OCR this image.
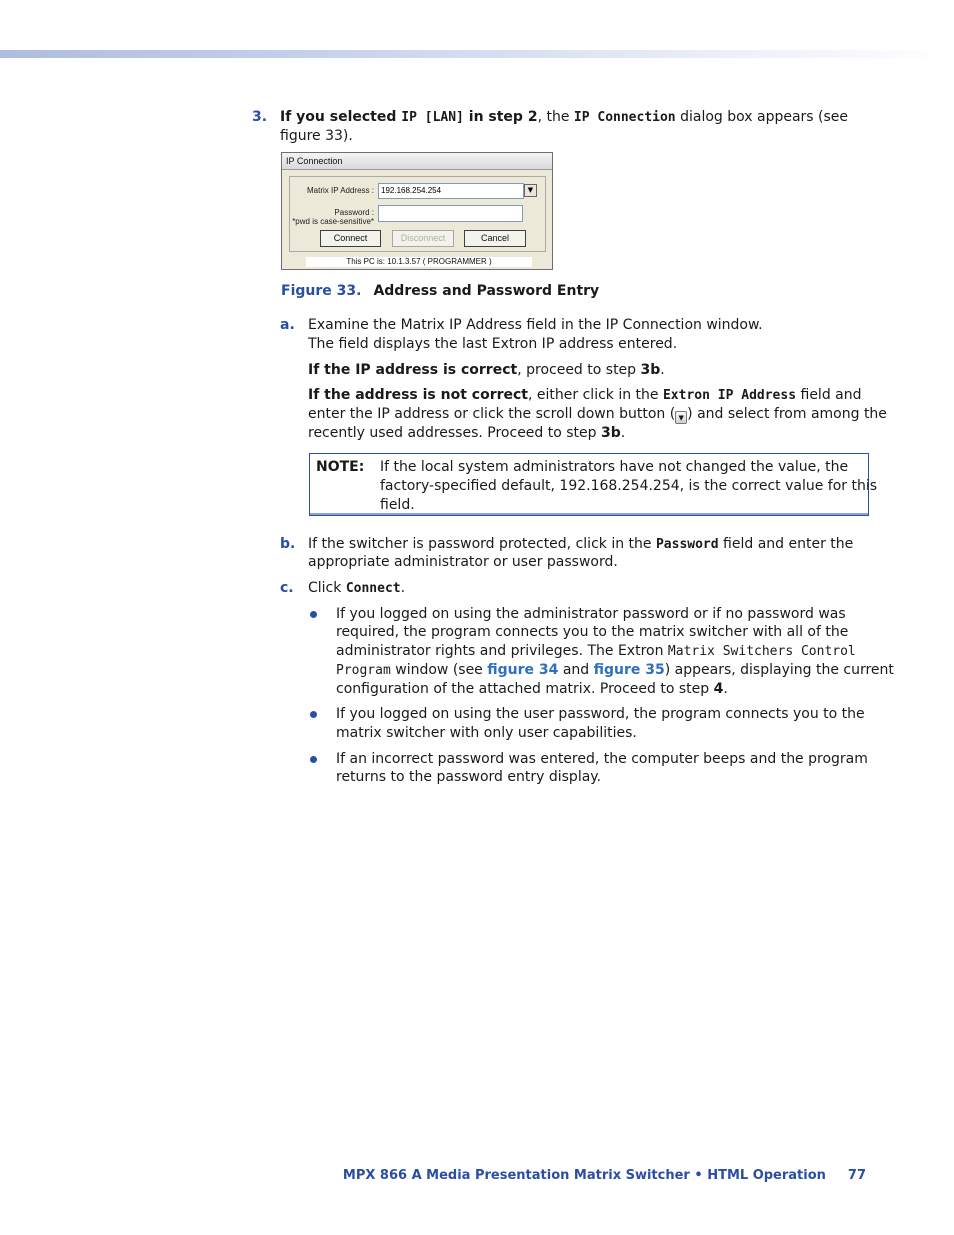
3. If you selected IP [LAN] in step 2, the IP Connection dialog box appears (see

figure 33).

IP Connection
Matrix IP Address : 192.168.254.254	▼
Password :
*pwd is case-sensitive*
Connect	Disconnect	Cancel
This PC is: 10.1.3.57 ( PROGRAMMER )

Figure 33. Address and Password Entry

a. Examine the Matrix IP Address field in the IP Connection window.

The field displays the last Extron IP address entered.

If the IP address is correct, proceed to step 3b.

If the address is not correct, either click in the Extron IP Address field and

enter the IP address or click the scroll down button ( ▼ ) and select from among the

recently used addresses. Proceed to step 3b.

NOTE: If the local system administrators have not changed the value, the

factory-specified default, 192.168.254.254, is the correct value for this

field.

b. If the switcher is password protected, click in the Password field and enter the

appropriate administrator or user password.

c. Click Connect.

If you logged on using the administrator password or if no password was

required, the program connects you to the matrix switcher with all of the

administrator rights and privileges. The Extron Matrix Switchers Control

Program window (see figure 34 and figure 35) appears, displaying the current

configuration of the attached matrix. Proceed to step 4.

If you logged on using the user password, the program connects you to the

matrix switcher with only user capabilities.

If an incorrect password was entered, the computer beeps and the program

returns to the password entry display.

MPX 866 A Media Presentation Matrix Switcher • HTML Operation 77
